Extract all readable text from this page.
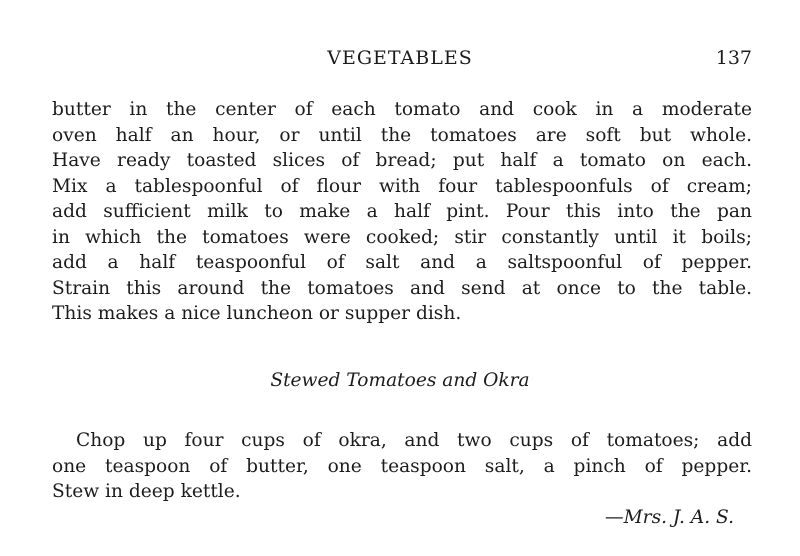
VEGETABLES	137
butter in the center of each tomato and cook in a moderate
oven half an hour, or until the tomatoes are soft but whole.
Have ready toasted slices of bread; put half a tomato on each.
Mix a tablespoonful of flour with four tablespoonfuls of cream;
add sufficient milk to make a half pint. Pour this into the pan
in which the tomatoes were cooked; stir constantly until it boils;
add a half teaspoonful of salt and a saltspoonful of pepper.
Strain this around the tomatoes and send at once to the table.
This makes a nice luncheon or supper dish.
Stewed Tomatoes and Okra
Chop up four cups of okra, and two cups of tomatoes; add
one teaspoon of butter, one teaspoon salt, a pinch of pepper.
Stew in deep kettle.
—Mrs. J. A. S.
